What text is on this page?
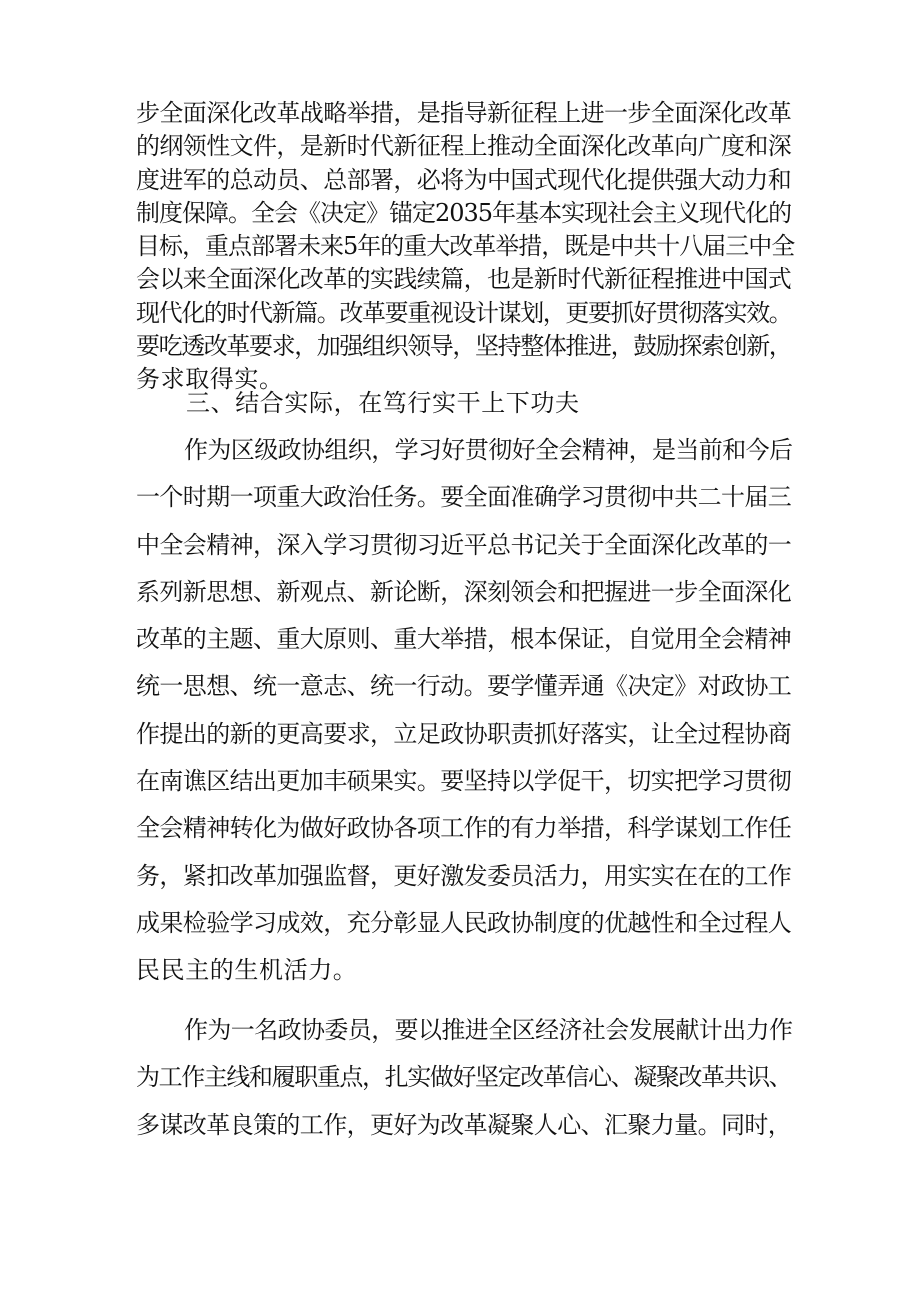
步全面深化改革战略举措，是指导新征程上进一步全面深化改革
的纲领性文件，是新时代新征程上推动全面深化改革向广度和深
度进军的总动员、总部署，必将为中国式现代化提供强大动力和
制度保障。全会《决定》锚定2035年基本实现社会主义现代化的
目标，重点部署未来5年的重大改革举措，既是中共十八届三中全
会以来全面深化改革的实践续篇，也是新时代新征程推进中国式
现代化的时代新篇。改革要重视设计谋划，更要抓好贯彻落实效。
要吃透改革要求，加强组织领导，坚持整体推进，鼓励探索创新，
务求取得实。
三、结合实际，在笃行实干上下功夫
作为区级政协组织，学习好贯彻好全会精神，是当前和今后
一个时期一项重大政治任务。要全面准确学习贯彻中共二十届三
中全会精神，深入学习贯彻习近平总书记关于全面深化改革的一
系列新思想、新观点、新论断，深刻领会和把握进一步全面深化
改革的主题、重大原则、重大举措，根本保证，自觉用全会精神
统一思想、统一意志、统一行动。要学懂弄通《决定》对政协工
作提出的新的更高要求，立足政协职责抓好落实，让全过程协商
在南谯区结出更加丰硕果实。要坚持以学促干，切实把学习贯彻
全会精神转化为做好政协各项工作的有力举措，科学谋划工作任
务，紧扣改革加强监督，更好激发委员活力，用实实在在的工作
成果检验学习成效，充分彰显人民政协制度的优越性和全过程人
民民主的生机活力。
作为一名政协委员，要以推进全区经济社会发展献计出力作
为工作主线和履职重点，扎实做好坚定改革信心、凝聚改革共识、
多谋改革良策的工作，更好为改革凝聚人心、汇聚力量。同时，
